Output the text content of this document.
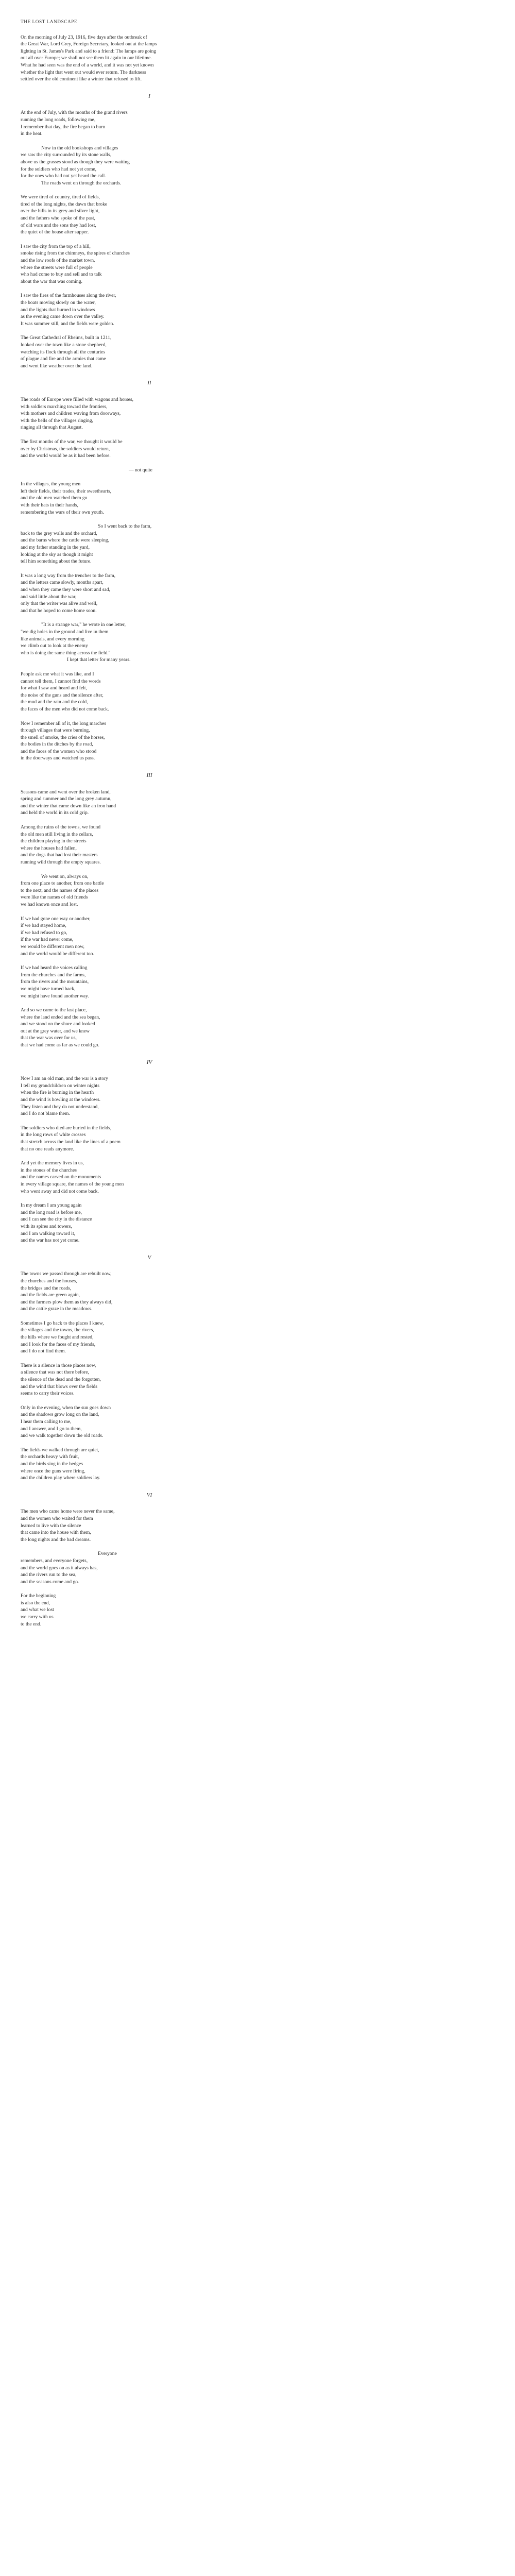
THE LOST LANDSCAPE
On the morning of July 23, 1916, five days after the outbreak of
the Great War, Lord Grey, Foreign Secretary, looked out at the lamps
lighting in St. James's Park and said to a friend: The lamps are going
out all over Europe; we shall not see them lit again in our lifetime.
What he had seen was the end of a world, and it was not yet known
whether the light that went out would ever return. The darkness
settled over the old continent like a winter that refused to lift.
I
At the end of July, with the months of the grand rivers
running the long roads, following me,
I remember that day, the fire began to burn
in the heat.
Now in the old bookshops and villages
we saw the city surrounded by its stone walls,
above us the grasses stood as though they were waiting
for the soldiers who had not yet come,
for the ones who had not yet heard the call.
The roads went on through the orchards.
We were tired of country, tired of fields,
tired of the long nights, the dawn that broke
over the hills in its grey and silver light,
and the fathers who spoke of the past,
of old wars and the sons they had lost,
the quiet of the house after supper.
I saw the city from the top of a hill,
smoke rising from the chimneys, the spires of churches
and the low roofs of the market town,
where the streets were full of people
who had come to buy and sell and to talk
about the war that was coming.
I saw the fires of the farmhouses along the river,
the boats moving slowly on the water,
and the lights that burned in windows
as the evening came down over the valley.
It was summer still, and the fields were golden.
The Great Cathedral of Rheims, built in 1211,
looked over the town like a stone shepherd,
watching its flock through all the centuries
of plague and fire and the armies that came
and went like weather over the land.
II
The roads of Europe were filled with wagons and horses,
with soldiers marching toward the frontiers,
with mothers and children waving from doorways,
with the bells of the villages ringing,
ringing all through that August.
The first months of the war, we thought it would be
over by Christmas, the soldiers would return,
and the world would be as it had been before.
— not quite
In the villages, the young men
left their fields, their trades, their sweethearts,
and the old men watched them go
with their hats in their hands,
remembering the wars of their own youth.
So I went back to the farm,
back to the grey walls and the orchard,
and the barns where the cattle were sleeping,
and my father standing in the yard,
looking at the sky as though it might
tell him something about the future.
It was a long way from the trenches to the farm,
and the letters came slowly, months apart,
and when they came they were short and sad,
and said little about the war,
only that the writer was alive and well,
and that he hoped to come home soon.
"It is a strange war," he wrote in one letter,
"we dig holes in the ground and live in them
like animals, and every morning
we climb out to look at the enemy
who is doing the same thing across the field."
I kept that letter for many years.
People ask me what it was like, and I
cannot tell them, I cannot find the words
for what I saw and heard and felt,
the noise of the guns and the silence after,
the mud and the rain and the cold,
the faces of the men who did not come back.
Now I remember all of it, the long marches
through villages that were burning,
the smell of smoke, the cries of the horses,
the bodies in the ditches by the road,
and the faces of the women who stood
in the doorways and watched us pass.
III
Seasons came and went over the broken land,
spring and summer and the long grey autumn,
and the winter that came down like an iron hand
and held the world in its cold grip.
Among the ruins of the towns, we found
the old men still living in the cellars,
the children playing in the streets
where the houses had fallen,
and the dogs that had lost their masters
running wild through the empty squares.
We went on, always on,
from one place to another, from one battle
to the next, and the names of the places
were like the names of old friends
we had known once and lost.
If we had gone one way or another,
if we had stayed home,
if we had refused to go,
if the war had never come,
we would be different men now,
and the world would be different too.
If we had heard the voices calling
from the churches and the farms,
from the rivers and the mountains,
we might have turned back,
we might have found another way.
And so we came to the last place,
where the land ended and the sea began,
and we stood on the shore and looked
out at the grey water, and we knew
that the war was over for us,
that we had come as far as we could go.
IV
Now I am an old man, and the war is a story
I tell my grandchildren on winter nights
when the fire is burning in the hearth
and the wind is howling at the windows.
They listen and they do not understand,
and I do not blame them.
The soldiers who died are buried in the fields,
in the long rows of white crosses
that stretch across the land like the lines of a poem
that no one reads anymore.
And yet the memory lives in us,
in the stones of the churches
and the names carved on the monuments
in every village square, the names of the young men
who went away and did not come back.
In my dream I am young again
and the long road is before me,
and I can see the city in the distance
with its spires and towers,
and I am walking toward it,
and the war has not yet come.
V
The towns we passed through are rebuilt now,
the churches and the houses,
the bridges and the roads,
and the fields are green again,
and the farmers plow them as they always did,
and the cattle graze in the meadows.
Sometimes I go back to the places I knew,
the villages and the towns, the rivers,
the hills where we fought and rested,
and I look for the faces of my friends,
and I do not find them.
There is a silence in those places now,
a silence that was not there before,
the silence of the dead and the forgotten,
and the wind that blows over the fields
seems to carry their voices.
Only in the evening, when the sun goes down
and the shadows grow long on the land,
I hear them calling to me,
and I answer, and I go to them,
and we walk together down the old roads.
The fields we walked through are quiet,
the orchards heavy with fruit,
and the birds sing in the hedges
where once the guns were firing,
and the children play where soldiers lay.
VI
The men who came home were never the same,
and the women who waited for them
learned to live with the silence
that came into the house with them,
the long nights and the bad dreams.
Everyone
remembers, and everyone forgets,
and the world goes on as it always has,
and the rivers run to the sea,
and the seasons come and go.
For the beginning
is also the end,
and what we lost
we carry with us
to the end.
